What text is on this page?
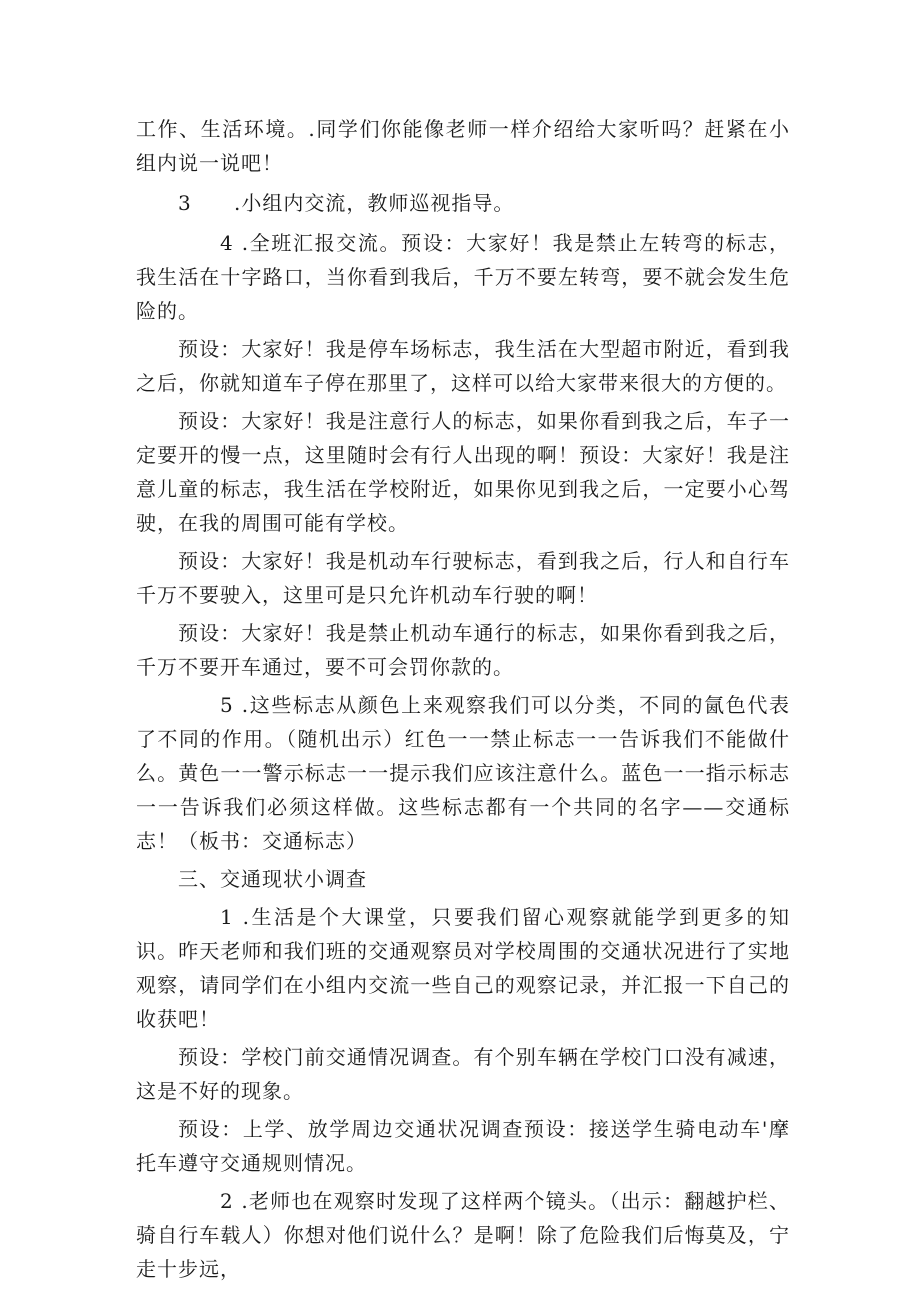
工作、生活环境。.同学们你能像老师一样介绍给大家听吗？赶紧在小组内说一说吧！

3 .小组内交流，教师巡视指导。

4 .全班汇报交流。预设：大家好！我是禁止左转弯的标志，我生活在十字路口，当你看到我后，千万不要左转弯，要不就会发生危险的。

预设：大家好！我是停车场标志，我生活在大型超市附近，看到我之后，你就知道车子停在那里了，这样可以给大家带来很大的方便的。

预设：大家好！我是注意行人的标志，如果你看到我之后，车子一定要开的慢一点，这里随时会有行人出现的啊！预设：大家好！我是注意儿童的标志，我生活在学校附近，如果你见到我之后，一定要小心驾驶，在我的周围可能有学校。

预设：大家好！我是机动车行驶标志，看到我之后，行人和自行车千万不要驶入，这里可是只允许机动车行驶的啊！

预设：大家好！我是禁止机动车通行的标志，如果你看到我之后，千万不要开车通过，要不可会罚你款的。

5 .这些标志从颜色上来观察我们可以分类，不同的氤色代表了不同的作用。（随机出示）红色一一禁止标志一一告诉我们不能做什么。黄色一一警示标志一一提示我们应该注意什么。蓝色一一指示标志一一告诉我们必须这样做。这些标志都有一个共同的名字——交通标志！（板书：交通标志）

三、交通现状小调查

1 .生活是个大课堂，只要我们留心观察就能学到更多的知识。昨天老师和我们班的交通观察员对学校周围的交通状况进行了实地观察，请同学们在小组内交流一些自己的观察记录，并汇报一下自己的收获吧！

预设：学校门前交通情况调查。有个别车辆在学校门口没有减速，这是不好的现象。

预设：上学、放学周边交通状况调查预设：接送学生骑电动车'摩托车遵守交通规则情况。

2 .老师也在观察时发现了这样两个镜头。（出示：翻越护栏、骑自行车载人）你想对他们说什么？是啊！除了危险我们后悔莫及，宁走十步远，
